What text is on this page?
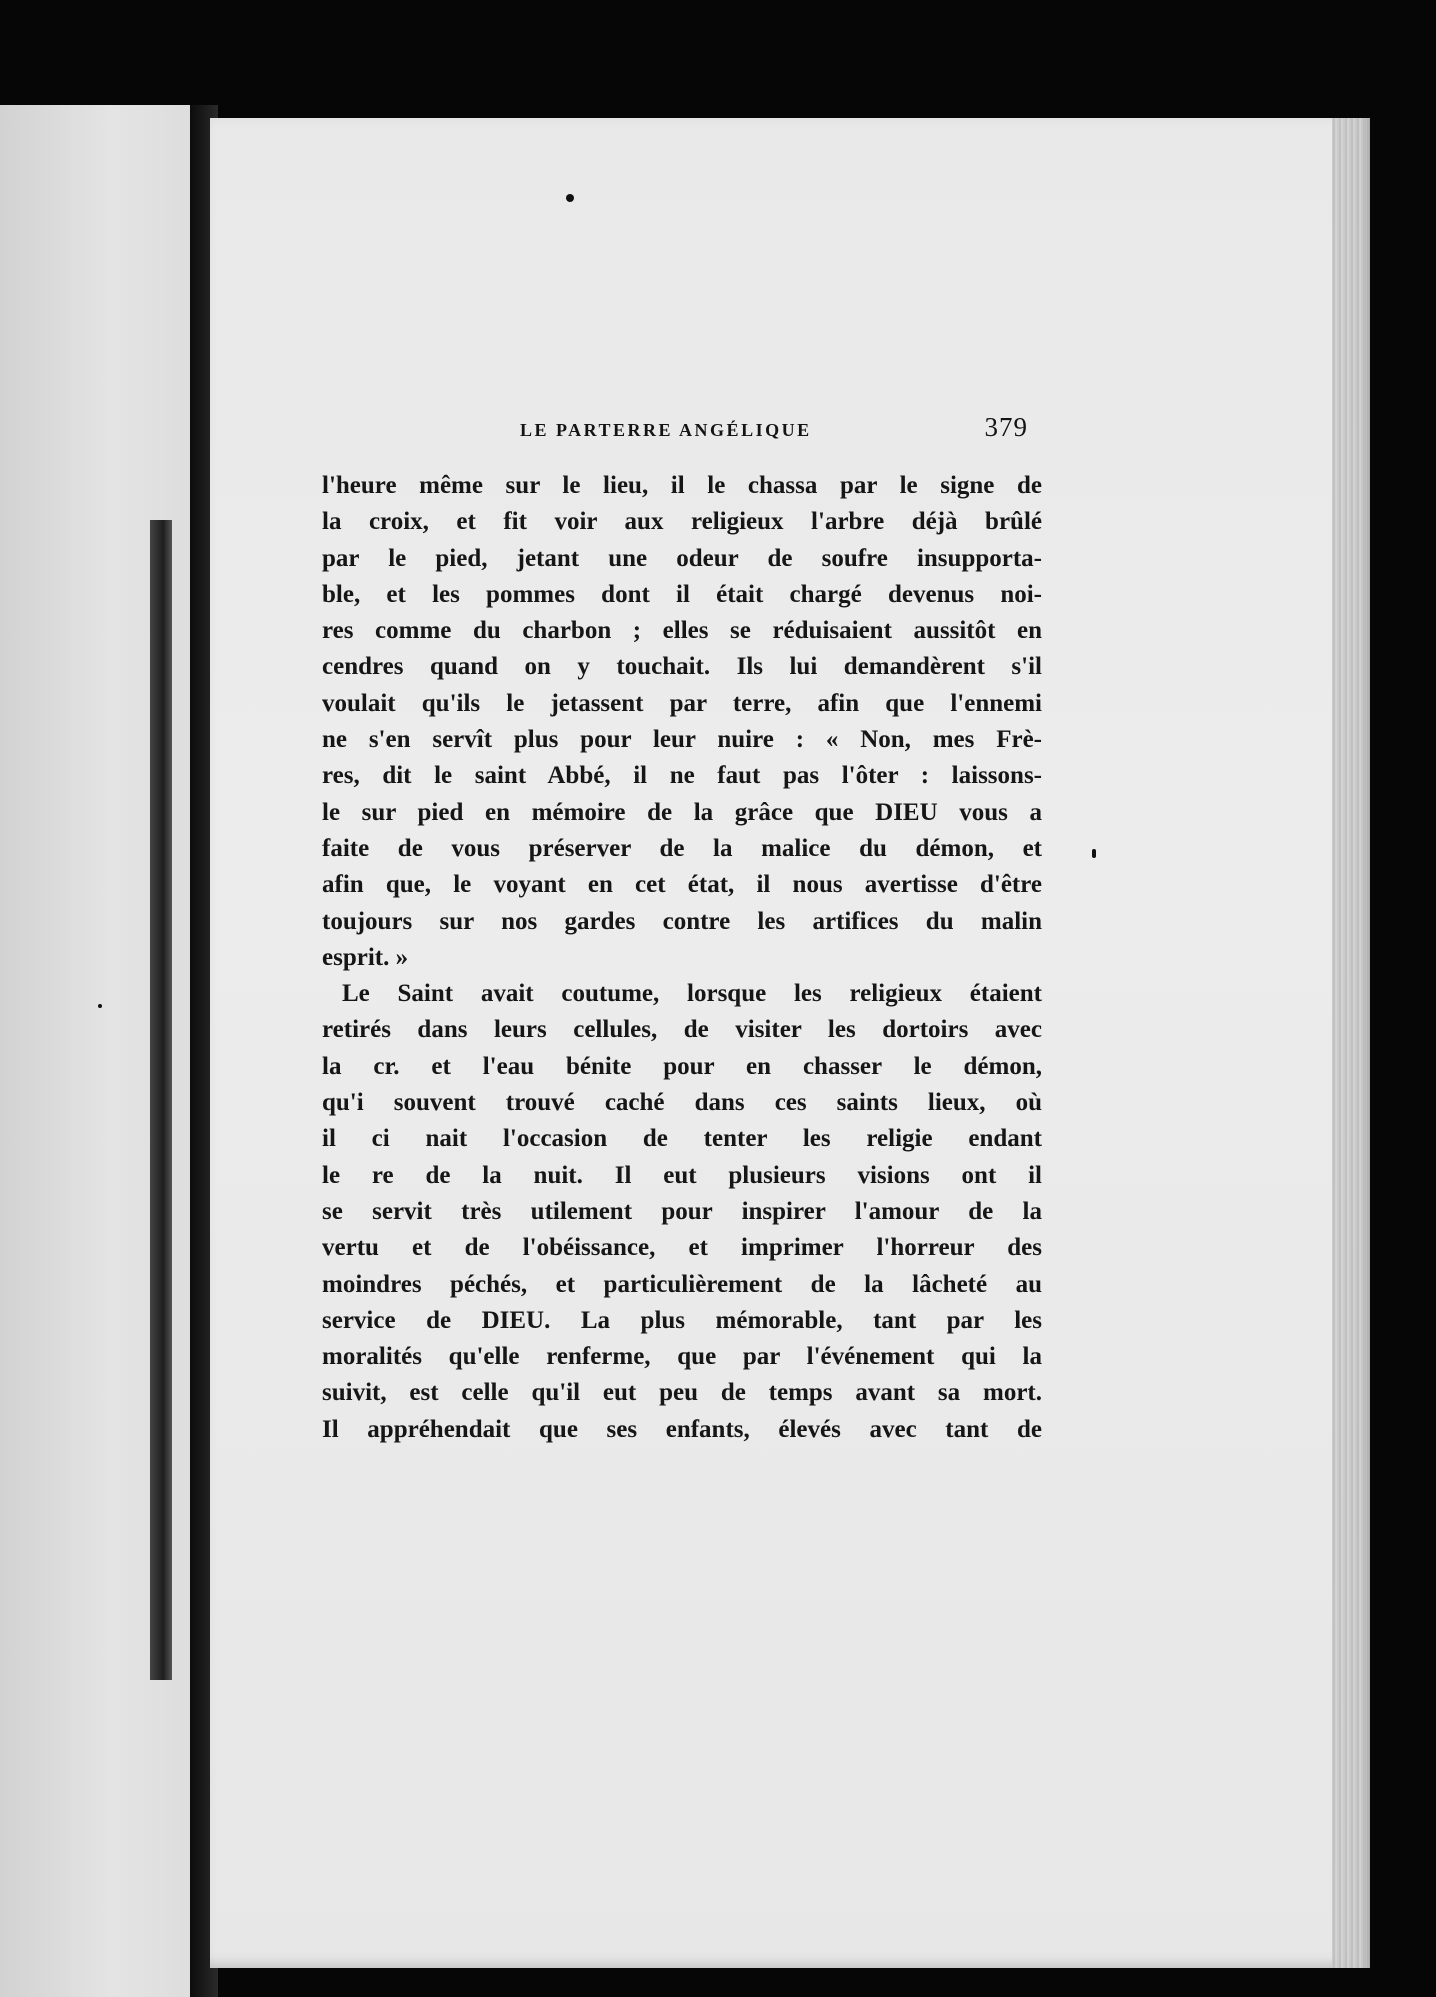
LE PARTERRE ANGÉLIQUE	379
l'heure même sur le lieu, il le chassa par le signe de
la croix, et fit voir aux religieux l'arbre déjà brûlé
par le pied, jetant une odeur de soufre insupporta-
ble, et les pommes dont il était chargé devenus noi-
res comme du charbon ; elles se réduisaient aussitôt en
cendres quand on y touchait. Ils lui demandèrent s'il
voulait qu'ils le jetassent par terre, afin que l'ennemi
ne s'en servît plus pour leur nuire : « Non, mes Frè-
res, dit le saint Abbé, il ne faut pas l'ôter : laissons-
le sur pied en mémoire de la grâce que DIEU vous a
faite de vous préserver de la malice du démon, et
afin que, le voyant en cet état, il nous avertisse d'être
toujours sur nos gardes contre les artifices du malin
esprit. »
Le Saint avait coutume, lorsque les religieux étaient
retirés dans leurs cellules, de visiter les dortoirs avec
la cr. et l'eau bénite pour en chasser le démon,
qu'i souvent trouvé caché dans ces saints lieux, où
il ci nait l'occasion de tenter les religie endant
le re de la nuit. Il eut plusieurs visions ont il
se servit très utilement pour inspirer l'amour de la
vertu et de l'obéissance, et imprimer l'horreur des
moindres péchés, et particulièrement de la lâcheté au
service de DIEU. La plus mémorable, tant par les
moralités qu'elle renferme, que par l'événement qui la
suivit, est celle qu'il eut peu de temps avant sa mort.
Il appréhendait que ses enfants, élevés avec tant de
